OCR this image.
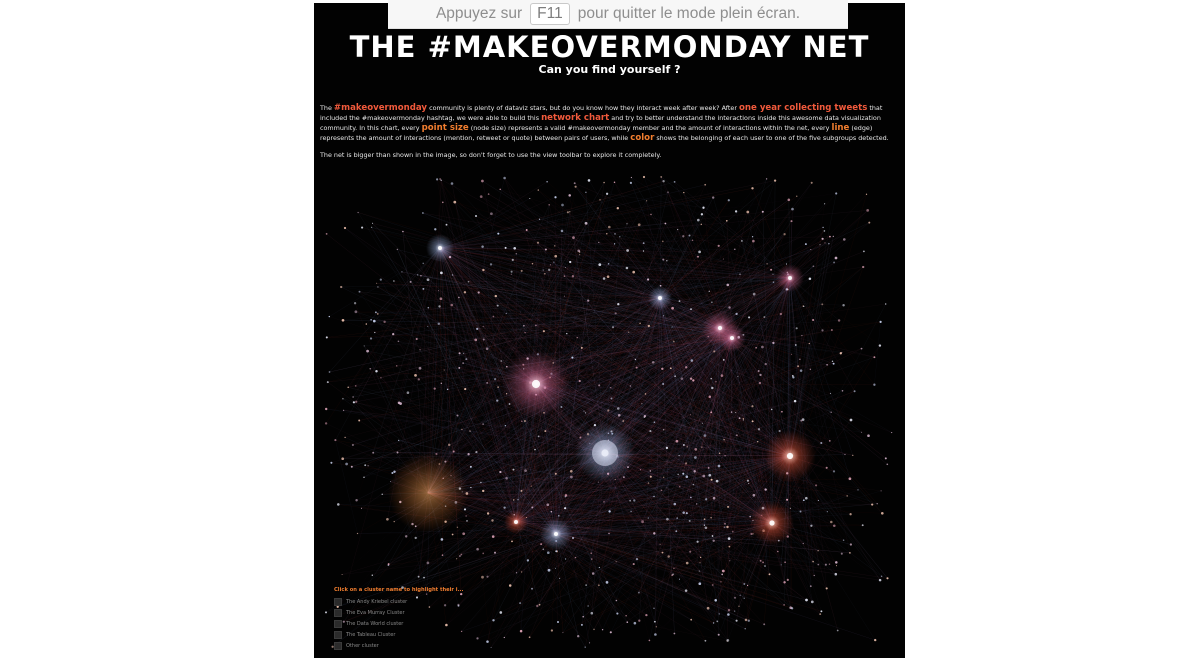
Appuyez sur F11 pour quitter le mode plein écran.
THE #MAKEOVERMONDAY NET
Can you find yourself ?

The #makeovermonday community is plenty of dataviz stars, but do you know how they interact week after week? After one year collecting tweets that included the #makeovermonday hashtag, we were able to build this network chart and try to better understand the interactions inside this awesome data visualization community. In this chart, every point size (node size) represents a valid #makeovermonday member and the amount of interactions within the net, every line (edge) represents the amount of interactions (mention, retweet or quote) between pairs of users, while color shows the belonging of each user to one of the five subgroups detected.

The net is bigger than shown in the image, so don't forget to use the view toolbar to explore it completely.

Click on a cluster name to highlight their i...
The Andy Kriebel cluster
The Eva Murray Cluster
The Data World cluster
The Tableau Cluster
Other cluster
